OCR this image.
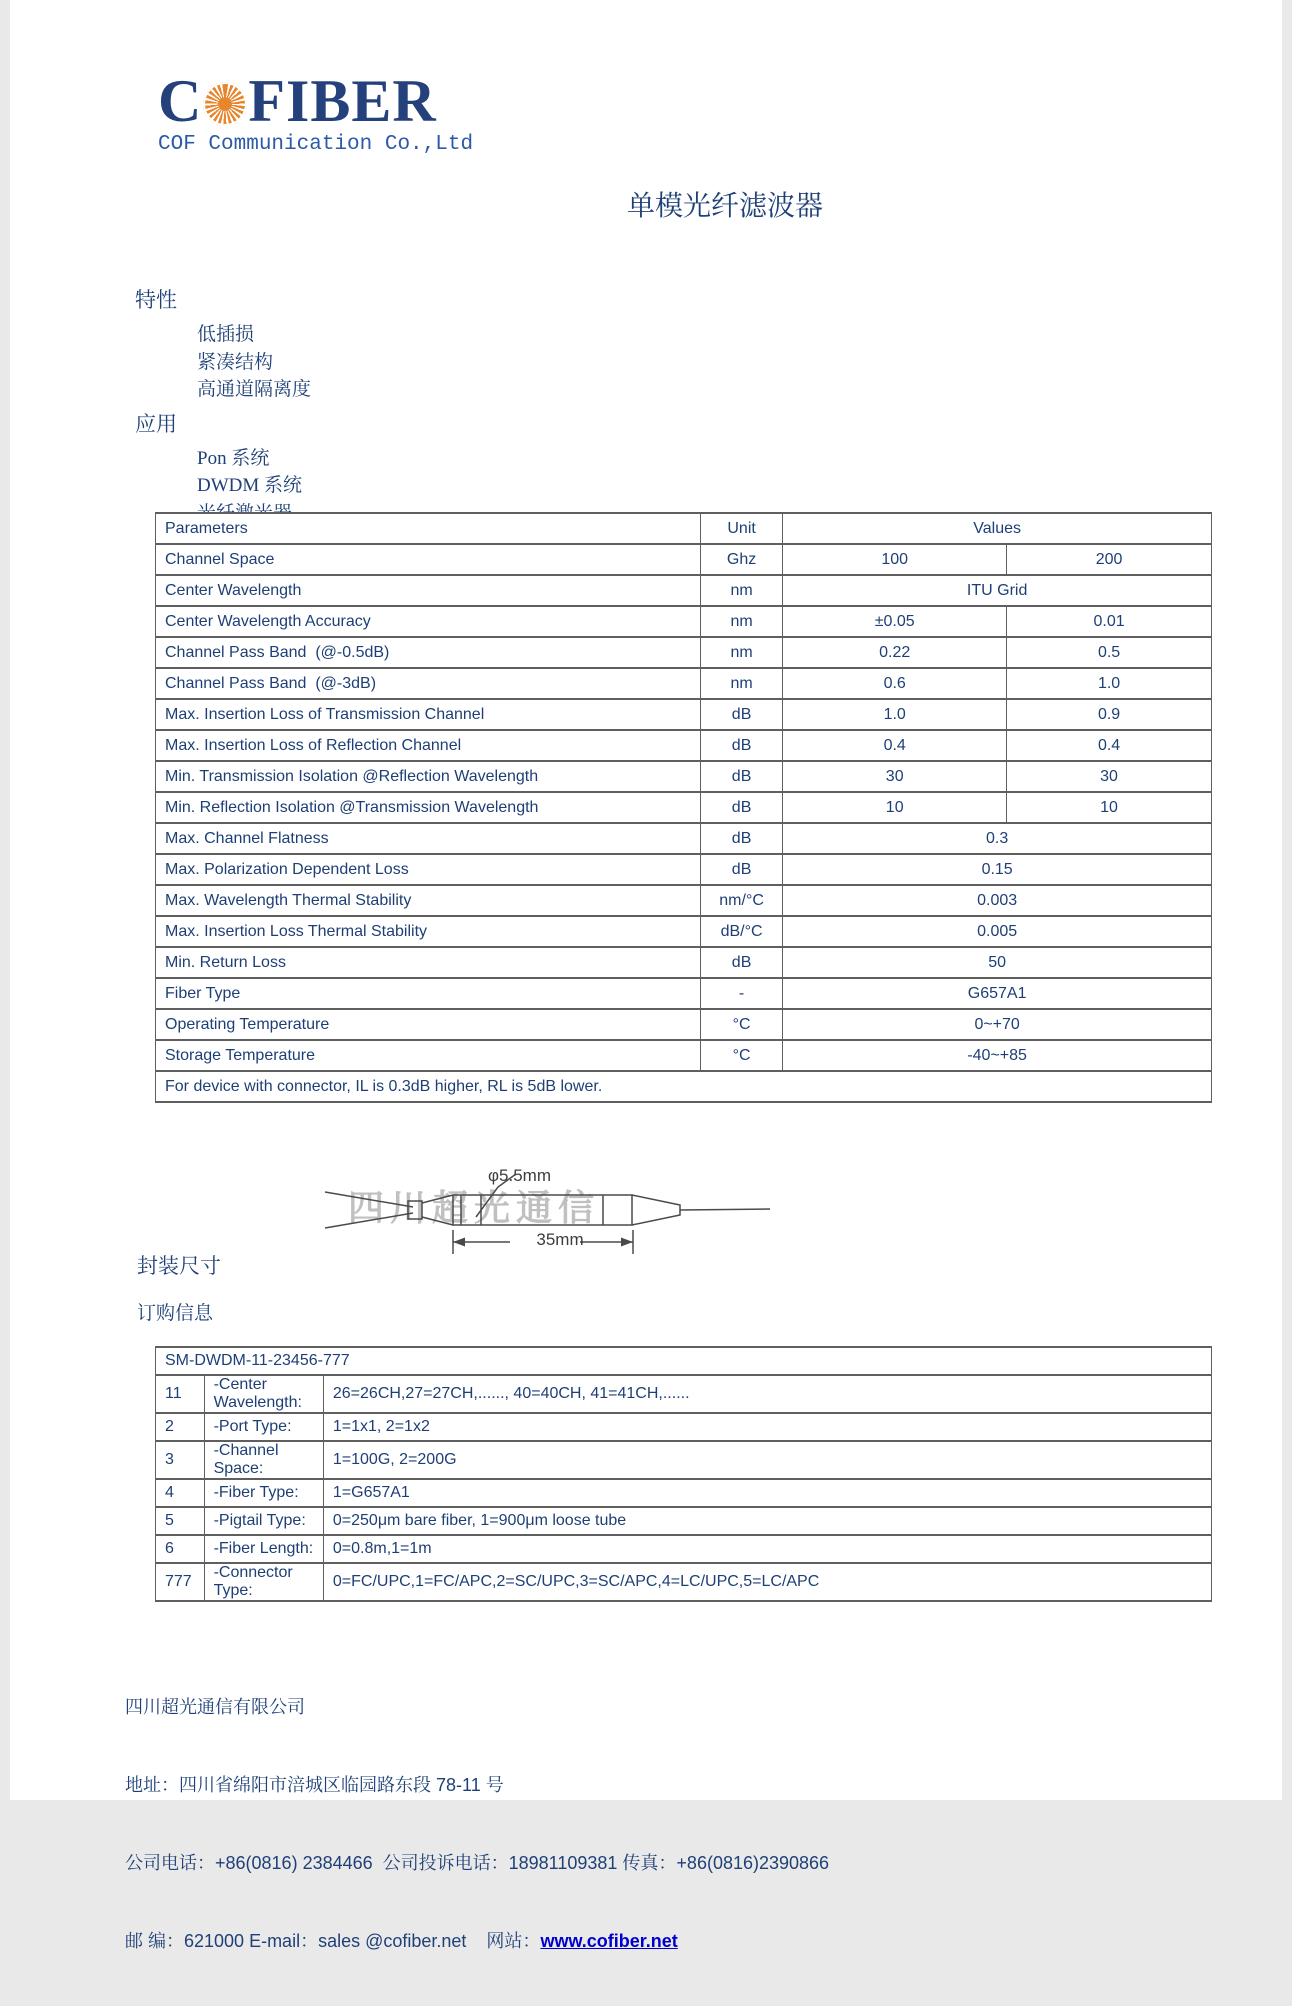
C FIBER
COF Communication Co.,Ltd
单模光纤滤波器
特性
低插损
紧凑结构
高通道隔离度
应用
Pon 系统
DWDM 系统
Parameters	Unit	Values	
Channel Space	Ghz	100	200
Center Wavelength	nm	ITU Grid	
Center Wavelength Accuracy	nm	±0.05	0.01
Channel Pass Band  (@-0.5dB)	nm	0.22	0.5
Channel Pass Band  (@-3dB)	nm	0.6	1.0
Max. Insertion Loss of Transmission Channel	dB	1.0	0.9
Max. Insertion Loss of Reflection Channel	dB	0.4	0.4
Min. Transmission Isolation @Reflection Wavelength	dB	30	30
Min. Reflection Isolation @Transmission Wavelength	dB	10	10
Max. Channel Flatness	dB	0.3	
Max. Polarization Dependent Loss	dB	0.15	
Max. Wavelength Thermal Stability	nm/°C	0.003	
Max. Insertion Loss Thermal Stability	dB/°C	0.005	
Min. Return Loss	dB	50	
Fiber Type	-	G657A1	
Operating Temperature	°C	0~+70	
Storage Temperature	°C	-40~+85	
For device with connector, IL is 0.3dB higher, RL is 5dB lower.			
四川超光通信
φ5.5mm
35mm
封装尺寸
订购信息
SM-DWDM-11-23456-777		
11	-Center Wavelength:	26=26CH,27=27CH,......, 40=40CH, 41=41CH,......
2	-Port Type:	1=1x1, 2=1x2
3	-Channel Space:	1=100G, 2=200G
4	-Fiber Type:	1=G657A1
5	-Pigtail Type:	0=250μm bare fiber, 1=900μm loose tube
6	-Fiber Length:	0=0.8m,1=1m
777	-Connector Type:	0=FC/UPC,1=FC/APC,2=SC/UPC,3=SC/APC,4=LC/UPC,5=LC/APC

四川超光通信有限公司

地址：四川省绵阳市涪城区临园路东段 78-11 号

公司电话：+86(0816) 2384466  公司投诉电话：18981109381 传真：+86(0816)2390866

邮 编：621000 E-mail：sales @cofiber.net    网站：www.cofiber.net
